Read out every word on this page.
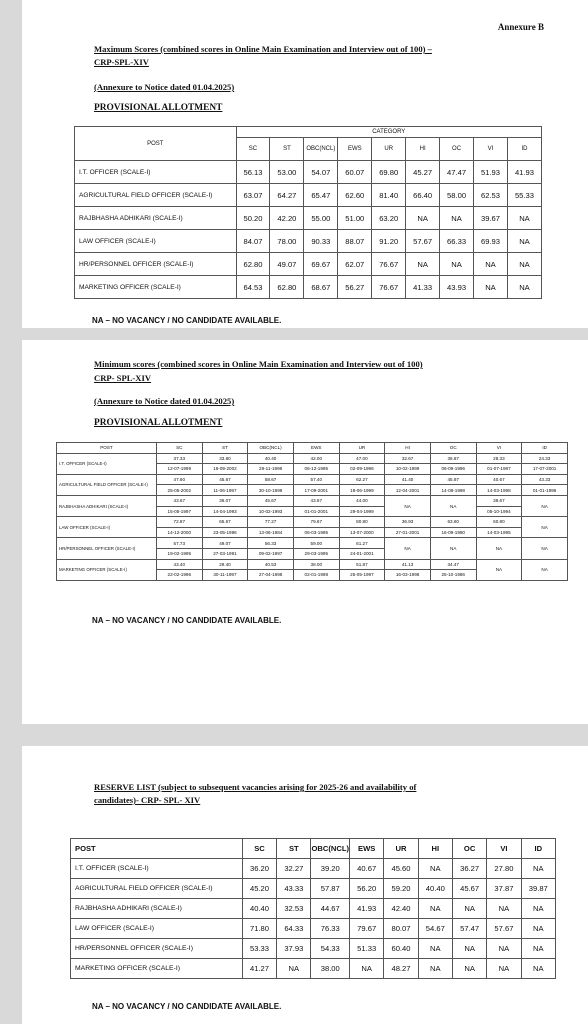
Annexure B
Maximum Scores (combined scores in Online Main Examination and Interview out of 100) –
CRP-SPL-XIV
(Annexure to Notice dated 01.04.2025)
PROVISIONAL ALLOTMENT
POST	CATEGORY								
	SC	ST	OBC(NCL)	EWS	UR	HI	OC	VI	ID
I.T. OFFICER (SCALE-I)	56.13	53.00	54.07	60.07	69.80	45.27	47.47	51.93	41.93
AGRICULTURAL FIELD OFFICER (SCALE-I)	63.07	64.27	65.47	62.60	81.40	66.40	58.00	62.53	55.33
RAJBHASHA ADHIKARI (SCALE-I)	50.20	42.20	55.00	51.00	63.20	NA	NA	39.67	NA
LAW OFFICER (SCALE-I)	84.07	78.00	90.33	88.07	91.20	57.67	66.33	69.93	NA
HR/PERSONNEL OFFICER (SCALE-I)	62.80	49.07	69.67	62.07	76.67	NA	NA	NA	NA
MARKETING OFFICER (SCALE-I)	64.53	62.80	68.67	56.27	76.67	41.33	43.93	NA	NA
NA – NO VACANCY / NO CANDIDATE AVAILABLE.
Minimum scores (combined scores in Online Main Examination and Interview out of 100)
CRP- SPL-XIV
(Annexure to Notice dated 01.04.2025)
PROVISIONAL ALLOTMENT
POST	SC	ST	OBC(NCL)	EWS	UR	HI	OC	VI	ID
I.T. OFFICER (SCALE-I)	37.33	33.80	40.40	42.00	47.00	32.67	36.87	28.33	24.33
	12-07-1999	16-09-2002	29-11-1998	06-12-1995	02-09-1996	10-02-1999	06-09-1996	01-07-1987	17-07-2001
AGRICULTURAL FIELD OFFICER (SCALE-I)	47.60	45.67	58.67	57.40	62.27	41.40	45.87	40.67	43.33
	25-05-2002	11-06-1997	30-10-1999	17-09-2001	18-06-1999	12-04-2001	14-08-1998	14-03-1998	01-01-1996
RAJBHASHA ADHIKARI (SCALE-I)	43.67	36.07	45.67	43.67	44.00	NA	NA	39.67	NA
	15-05-1997	14-04-1993	10-02-1993	01-01-2001	29-04-1999			05-10-1994	
LAW OFFICER (SCALE-I)	72.87	65.67	77.27	79.67	80.80	36.93	63.60	60.80	NA
	14-12-2000	23-05-1996	13-06-1984	06-03-1995	13-07-2000	27-01-2001	16-09-1990	14-03-1995	
HR/PERSONNEL OFFICER (SCALE-I)	57.73	49.07	56.33	59.00	61.27	NA	NA	NA	NA
	19-02-1995	27-03-1991	09-02-1997	29-03-1995	24-01-2001				
MARKETING OFFICER (SCALE-I)	43.40	29.40	40.53	38.00	51.87	41.13	34.47	NA	NA
	22-02-1996	30-11-1997	27-04-1998	02-01-1998	25-05-1997	16-03-1998	25-10-1986		
NA – NO VACANCY / NO CANDIDATE AVAILABLE.
RESERVE LIST (subject to subsequent vacancies arising for 2025-26 and availability of
candidates)- CRP- SPL- XIV
POST	SC	ST	OBC(NCL)	EWS	UR	HI	OC	VI	ID
I.T. OFFICER (SCALE-I)	36.20	32.27	39.20	40.67	45.60	NA	36.27	27.80	NA
AGRICULTURAL FIELD OFFICER (SCALE-I)	45.20	43.33	57.87	56.20	59.20	40.40	45.67	37.87	39.87
RAJBHASHA ADHIKARI (SCALE-I)	40.40	32.53	44.67	41.93	42.40	NA	NA	NA	NA
LAW OFFICER (SCALE-I)	71.80	64.33	76.33	79.67	80.07	54.67	57.47	57.67	NA
HR/PERSONNEL OFFICER (SCALE-I)	53.33	37.93	54.33	51.33	60.40	NA	NA	NA	NA
MARKETING OFFICER (SCALE-I)	41.27	NA	38.00	NA	48.27	NA	NA	NA	NA
NA – NO VACANCY / NO CANDIDATE AVAILABLE.
